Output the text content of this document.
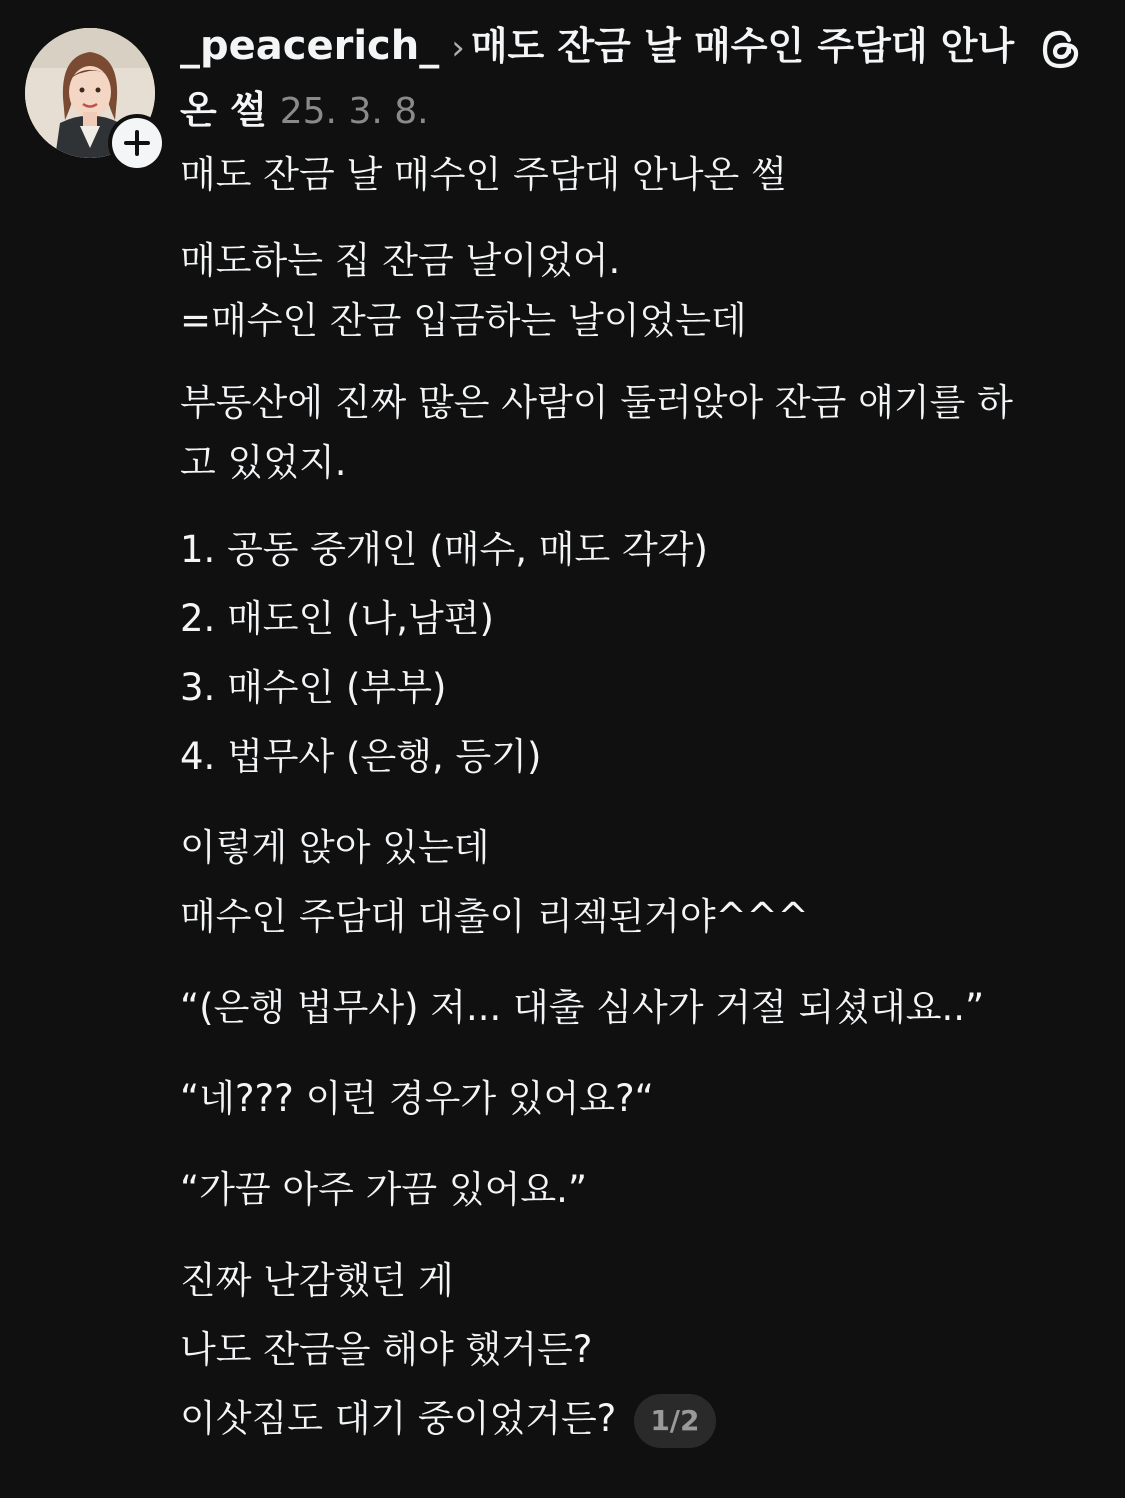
_peacerich_ › 매도 잔금 날 매수인 주담대 안나온 썰 25. 3. 8.

매도 잔금 날 매수인 주담대 안나온 썰

매도하는 집 잔금 날이었어.

=매수인 잔금 입금하는 날이었는데

부동산에 진짜 많은 사람이 둘러앉아 잔금 얘기를 하

고 있었지.

1. 공동 중개인 (매수, 매도 각각)

2. 매도인 (나,남편)

3. 매수인 (부부)

4. 법무사 (은행, 등기)

이렇게 앉아 있는데

매수인 주담대 대출이 리젝된거야^^^

“(은행 법무사) 저... 대출 심사가 거절 되셨대요..”

“네??? 이런 경우가 있어요?“

“가끔 아주 가끔 있어요.”

진짜 난감했던 게

나도 잔금을 해야 했거든?

이삿짐도 대기 중이었거든? 1/2
